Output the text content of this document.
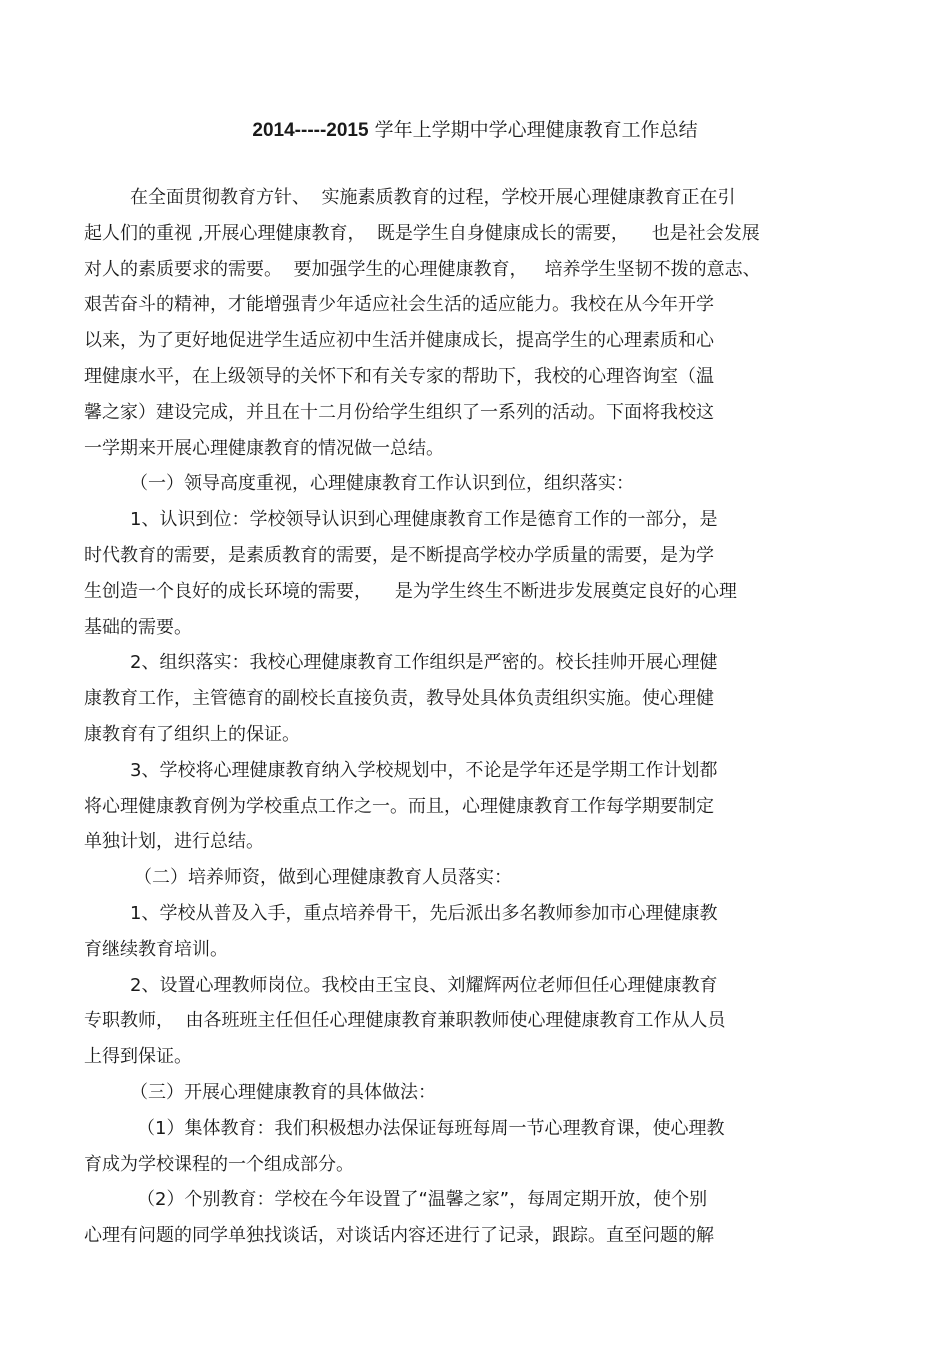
2014-----2015 学年上学期中学心理健康教育工作总结
在全面贯彻教育方针、  实施素质教育的过程，学校开展心理健康教育正在引
起人们的重视 ,开展心理健康教育，  既是学生自身健康成长的需要，    也是社会发展
对人的素质要求的需要。  要加强学生的心理健康教育，   培养学生坚韧不拨的意志、
艰苦奋斗的精神，才能增强青少年适应社会生活的适应能力。我校在从今年开学
以来，为了更好地促进学生适应初中生活并健康成长，提高学生的心理素质和心
理健康水平，在上级领导的关怀下和有关专家的帮助下，我校的心理咨询室（温
馨之家）建设完成，并且在十二月份给学生组织了一系列的活动。下面将我校这
一学期来开展心理健康教育的情况做一总结。
（一）领导高度重视，心理健康教育工作认识到位，组织落实：
1、认识到位：学校领导认识到心理健康教育工作是德育工作的一部分，是
时代教育的需要，是素质教育的需要，是不断提高学校办学质量的需要，是为学
生创造一个良好的成长环境的需要，    是为学生终生不断进步发展奠定良好的心理
基础的需要。
2、组织落实：我校心理健康教育工作组织是严密的。校长挂帅开展心理健
康教育工作，主管德育的副校长直接负责，教导处具体负责组织实施。使心理健
康教育有了组织上的保证。
3、学校将心理健康教育纳入学校规划中，不论是学年还是学期工作计划都
将心理健康教育例为学校重点工作之一。而且，心理健康教育工作每学期要制定
单独计划，进行总结。
（二）培养师资，做到心理健康教育人员落实：
1、学校从普及入手，重点培养骨干，先后派出多名教师参加市心理健康教
育继续教育培训。
2、设置心理教师岗位。我校由王宝良、刘耀辉两位老师但任心理健康教育
专职教师，  由各班班主任但任心理健康教育兼职教师使心理健康教育工作从人员
上得到保证。
（三）开展心理健康教育的具体做法：
（1）集体教育：我们积极想办法保证每班每周一节心理教育课，使心理教
育成为学校课程的一个组成部分。
（2）个别教育：学校在今年设置了“温馨之家”，每周定期开放，使个别
心理有问题的同学单独找谈话，对谈话内容还进行了记录，跟踪。直至问题的解
